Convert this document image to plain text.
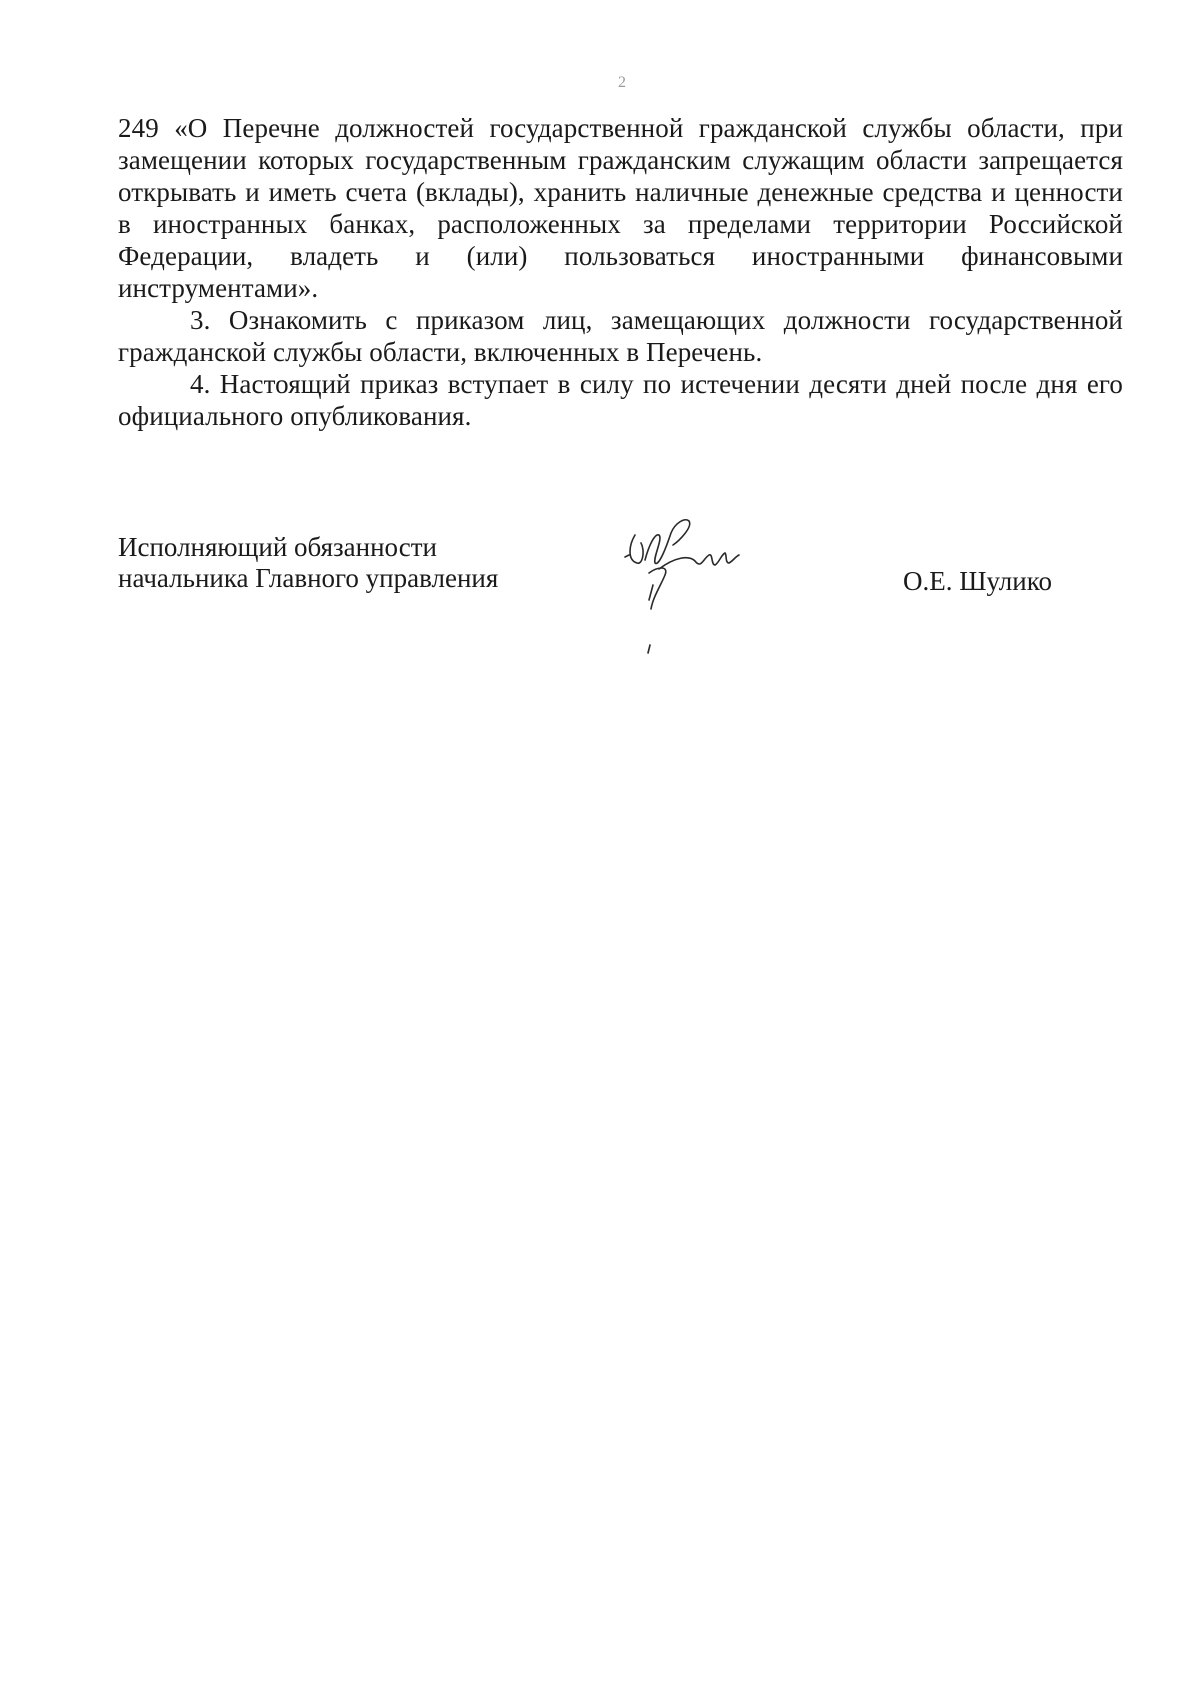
2

249 «О Перечне должностей государственной гражданской службы области, при замещении которых государственным гражданским служащим области запрещается открывать и иметь счета (вклады), хранить наличные денежные средства и ценности в иностранных банках, расположенных за пределами территории Российской Федерации, владеть и (или) пользоваться иностранными финансовыми инструментами».

3. Ознакомить с приказом лиц, замещающих должности государственной гражданской службы области, включенных в Перечень.

4. Настоящий приказ вступает в силу по истечении десяти дней после дня его официального опубликования.

Исполняющий обязанности
начальника Главного управления	О.Е. Шулико
